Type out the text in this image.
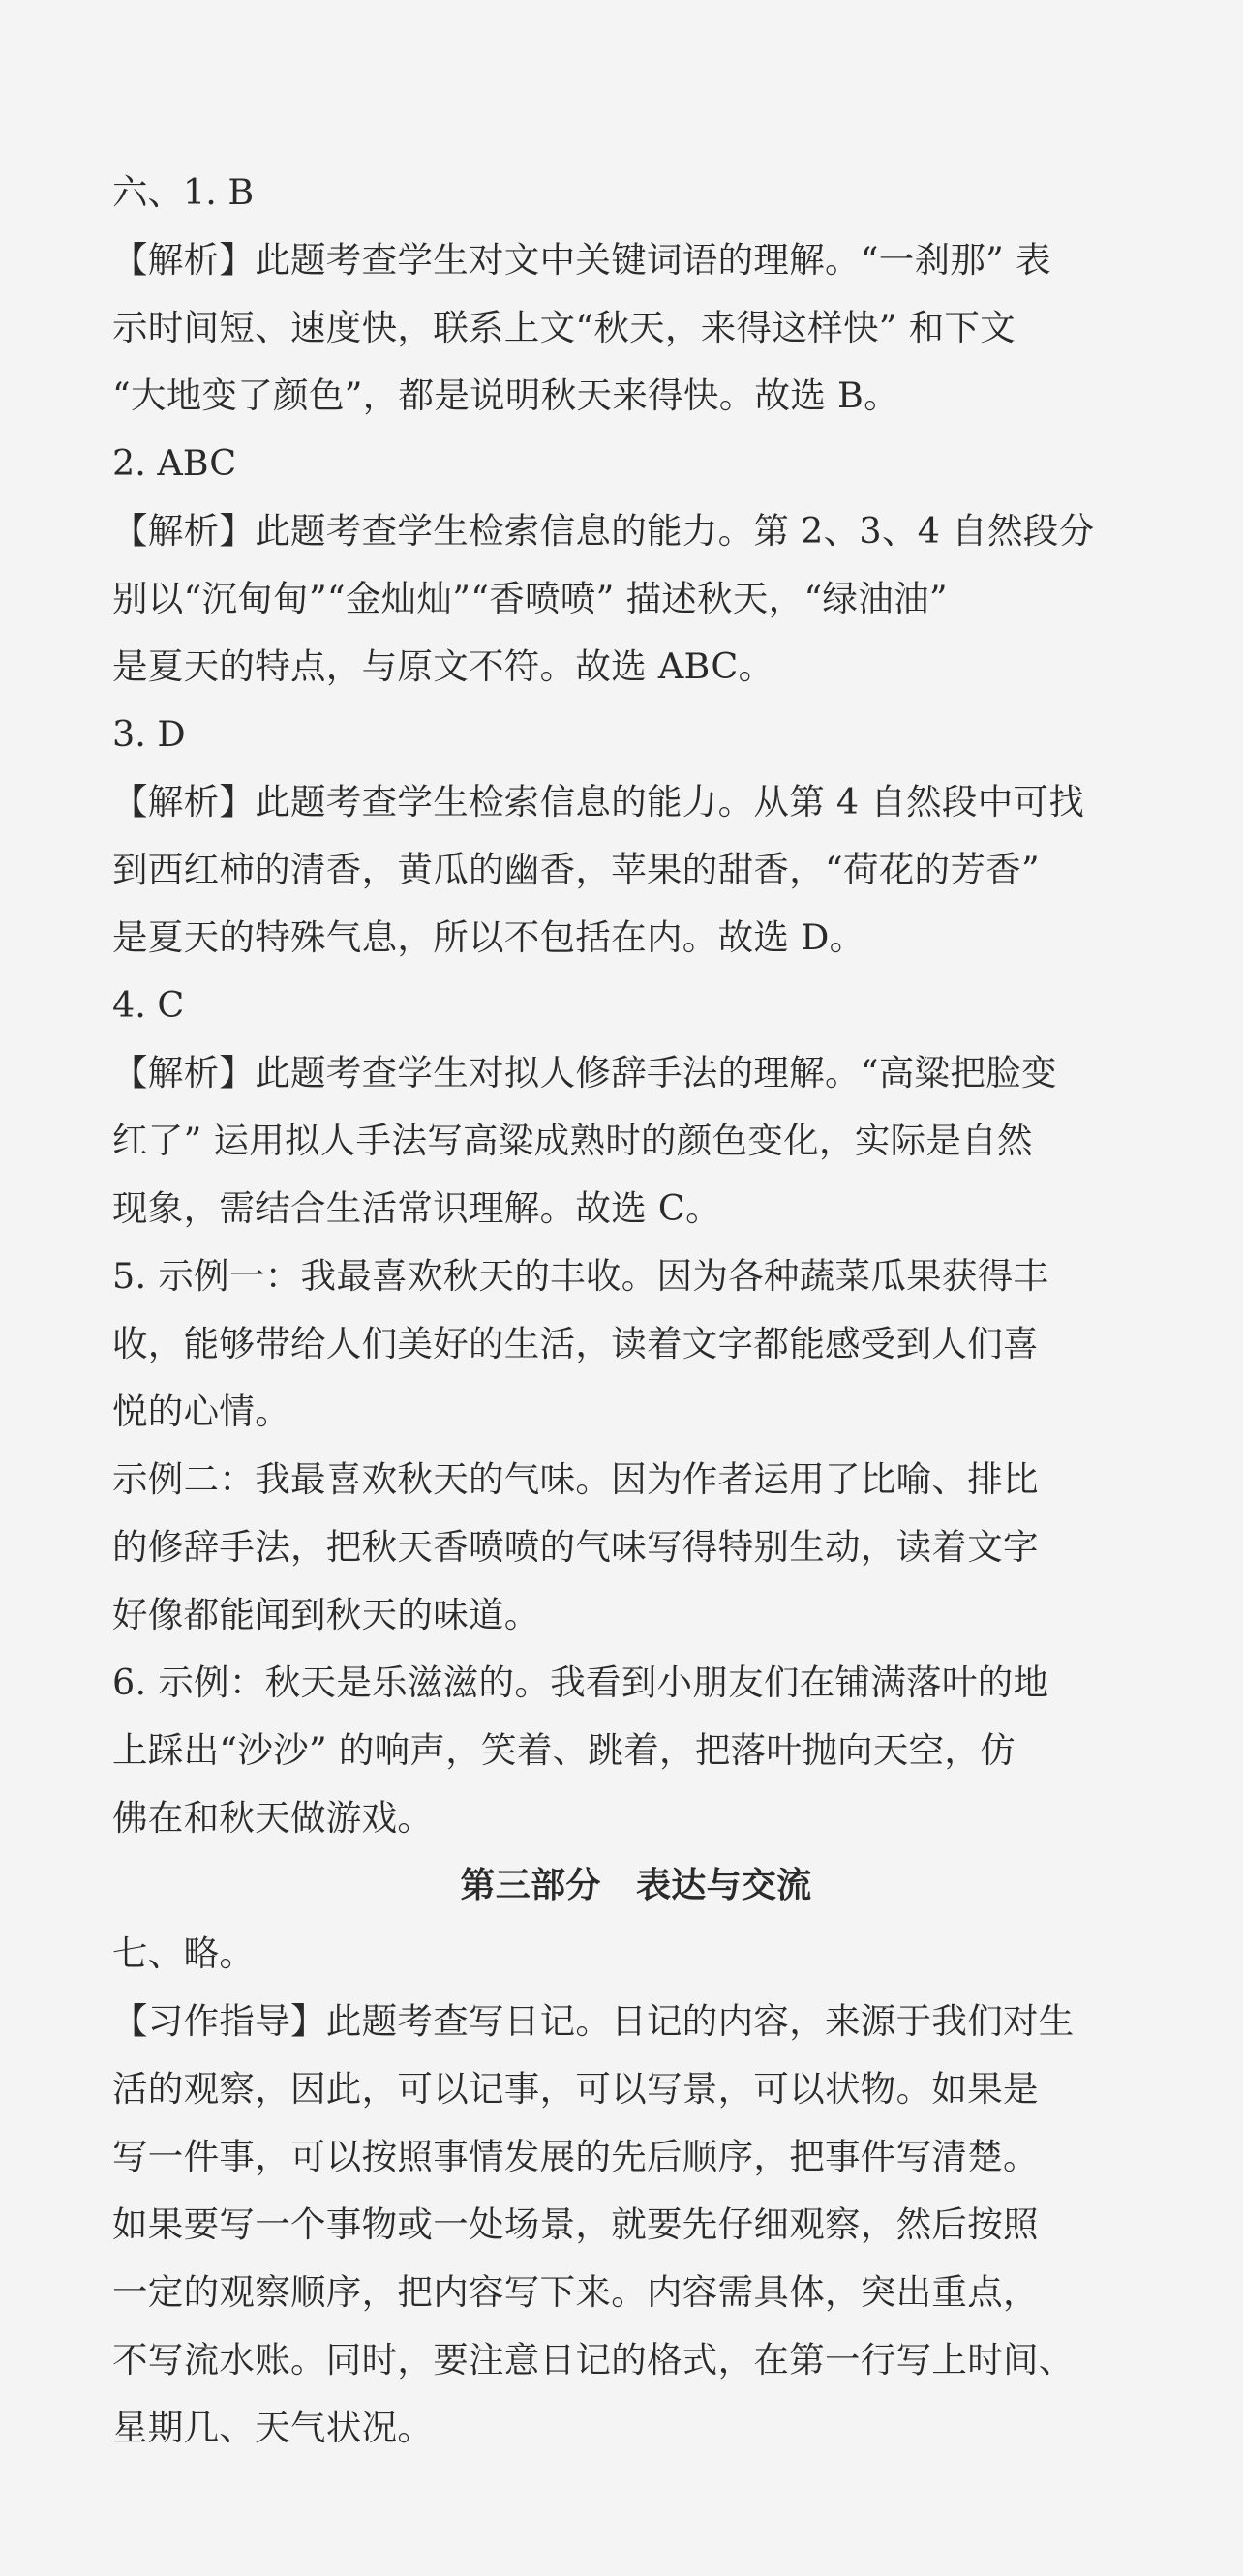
六、1. B
【解析】此题考查学生对文中关键词语的理解。“一刹那” 表
示时间短、速度快，联系上文“秋天，来得这样快” 和下文
“大地变了颜色”，都是说明秋天来得快。故选 B。
2. ABC
【解析】此题考查学生检索信息的能力。第 2、3、4 自然段分
别以“沉甸甸”“金灿灿”“香喷喷” 描述秋天，“绿油油”
是夏天的特点，与原文不符。故选 ABC。
3. D
【解析】此题考查学生检索信息的能力。从第 4 自然段中可找
到西红柿的清香，黄瓜的幽香，苹果的甜香，“荷花的芳香”
是夏天的特殊气息，所以不包括在内。故选 D。
4. C
【解析】此题考查学生对拟人修辞手法的理解。“高粱把脸变
红了” 运用拟人手法写高粱成熟时的颜色变化，实际是自然
现象，需结合生活常识理解。故选 C。
5. 示例一：我最喜欢秋天的丰收。因为各种蔬菜瓜果获得丰
收，能够带给人们美好的生活，读着文字都能感受到人们喜
悦的心情。
示例二：我最喜欢秋天的气味。因为作者运用了比喻、排比
的修辞手法，把秋天香喷喷的气味写得特别生动，读着文字
好像都能闻到秋天的味道。
6. 示例：秋天是乐滋滋的。我看到小朋友们在铺满落叶的地
上踩出“沙沙” 的响声，笑着、跳着，把落叶抛向天空，仿
佛在和秋天做游戏。
第三部分　表达与交流
七、略。
【习作指导】此题考查写日记。日记的内容，来源于我们对生
活的观察，因此，可以记事，可以写景，可以状物。如果是
写一件事，可以按照事情发展的先后顺序，把事件写清楚。
如果要写一个事物或一处场景，就要先仔细观察，然后按照
一定的观察顺序，把内容写下来。内容需具体，突出重点，
不写流水账。同时，要注意日记的格式，在第一行写上时间、
星期几、天气状况。
